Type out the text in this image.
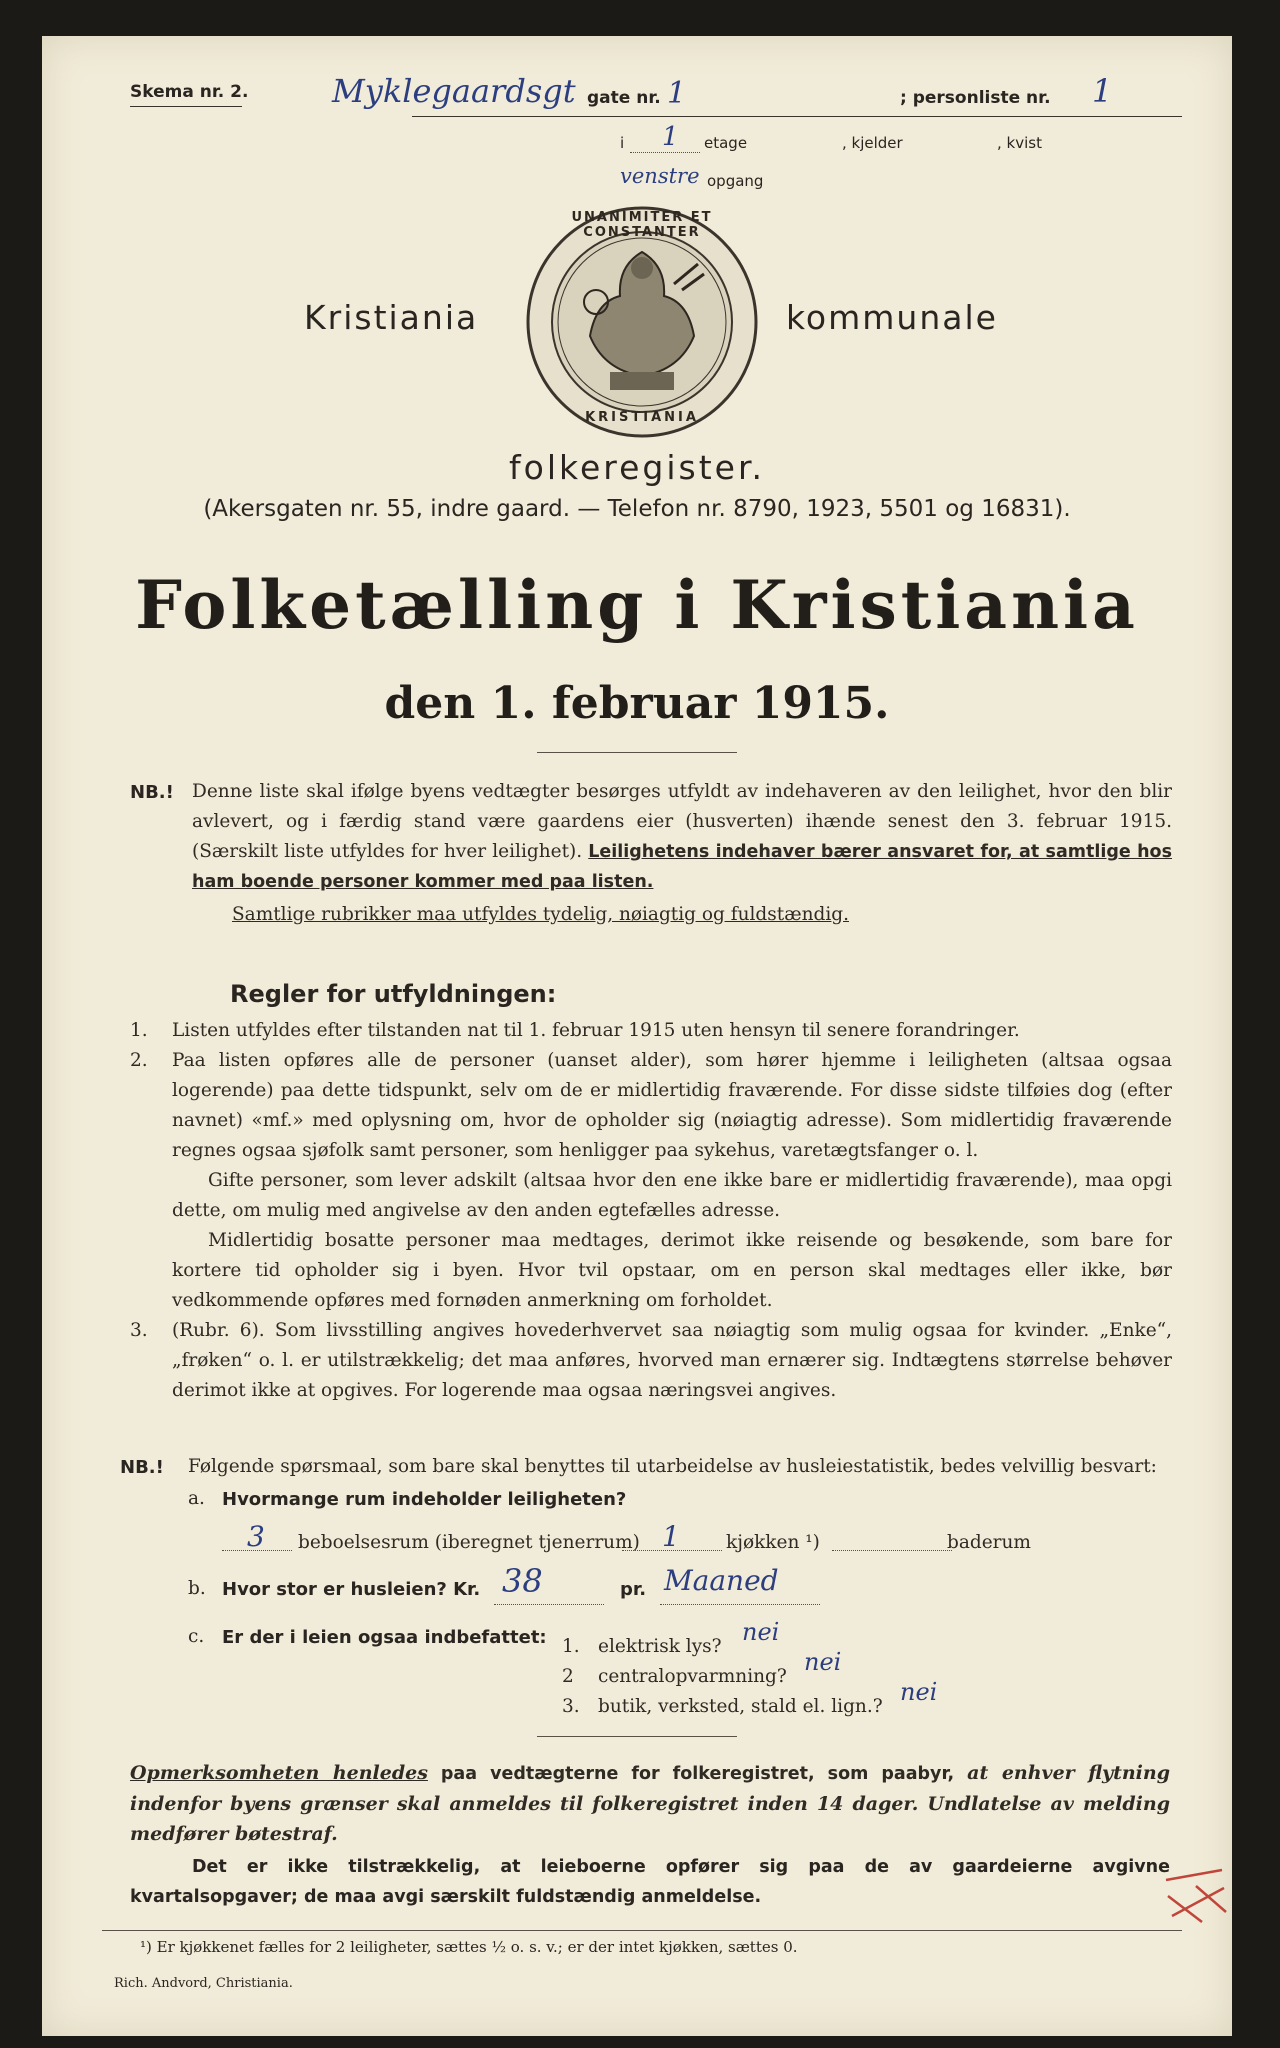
Skema nr. 2.	Myklegaardsgt gate nr. 1	; personliste nr. 1
i 1 etage	, kjelder	, kvist
venstre opgang
UNANIMITER ET CONSTANTER
KRISTIANIA
Kristiania	kommunale
folkeregister.
(Akersgaten nr. 55, indre gaard. — Telefon nr. 8790, 1923, 5501 og 16831).
Folketælling i Kristiania
den 1. februar 1915.
NB.! Denne liste skal ifølge byens vedtægter besørges utfyldt av indehaveren av den leilighet, hvor den blir avlevert, og i færdig stand være gaardens eier (husverten) ihænde senest den 3. februar 1915. (Særskilt liste utfyldes for hver leilighet). Leilighetens indehaver bærer ansvaret for, at samtlige hos ham boende personer kommer med paa listen.
Samtlige rubrikker maa utfyldes tydelig, nøiagtig og fuldstændig.
Regler for utfyldningen:
1.	Listen utfyldes efter tilstanden nat til 1. februar 1915 uten hensyn til senere forandringer.
2.	Paa listen opføres alle de personer (uanset alder), som hører hjemme i leiligheten (altsaa ogsaa logerende) paa dette tidspunkt, selv om de er midlertidig fraværende. For disse sidste tilføies dog (efter navnet) «mf.» med oplysning om, hvor de opholder sig (nøiagtig adresse). Som midlertidig fraværende regnes ogsaa sjøfolk samt personer, som henligger paa sykehus, varetægtsfanger o. l.
Gifte personer, som lever adskilt (altsaa hvor den ene ikke bare er midlertidig fraværende), maa opgi dette, om mulig med angivelse av den anden egtefælles adresse.
Midlertidig bosatte personer maa medtages, derimot ikke reisende og besøkende, som bare for kortere tid opholder sig i byen. Hvor tvil opstaar, om en person skal medtages eller ikke, bør vedkommende opføres med fornøden anmerkning om forholdet.
3.	(Rubr. 6). Som livsstilling angives hovederhvervet saa nøiagtig som mulig ogsaa for kvinder. „Enke“, „frøken“ o. l. er utilstrækkelig; det maa anføres, hvorved man ernærer sig. Indtægtens størrelse behøver derimot ikke at opgives. For logerende maa ogsaa næringsvei angives.
NB.! Følgende spørsmaal, som bare skal benyttes til utarbeidelse av husleiestatistik, bedes velvillig besvart:
a. Hvormange rum indeholder leiligheten?
3 beboelsesrum (iberegnet tjenerrum) 1 kjøkken ¹)	baderum
b. Hvor stor er husleien? Kr. 38	pr. Maaned
c. Er der i leien ogsaa indbefattet: 1. elektrisk lys?
nei
2 centralopvarmning?
nei
3. butik, verksted, stald el. lign.?
nei
Opmerksomheten henledes paa vedtægterne for folkeregistret, som paabyr, at enhver flytning indenfor byens grænser skal anmeldes til folkeregistret inden 14 dager. Undlatelse av melding medfører bøtestraf.
Det er ikke tilstrækkelig, at leieboerne opfører sig paa de av gaardeierne avgivne kvartalsopgaver; de maa avgi særskilt fuldstændig anmeldelse.
¹) Er kjøkkenet fælles for 2 leiligheter, sættes ½ o. s. v.; er der intet kjøkken, sættes 0.
Rich. Andvord, Christiania.
